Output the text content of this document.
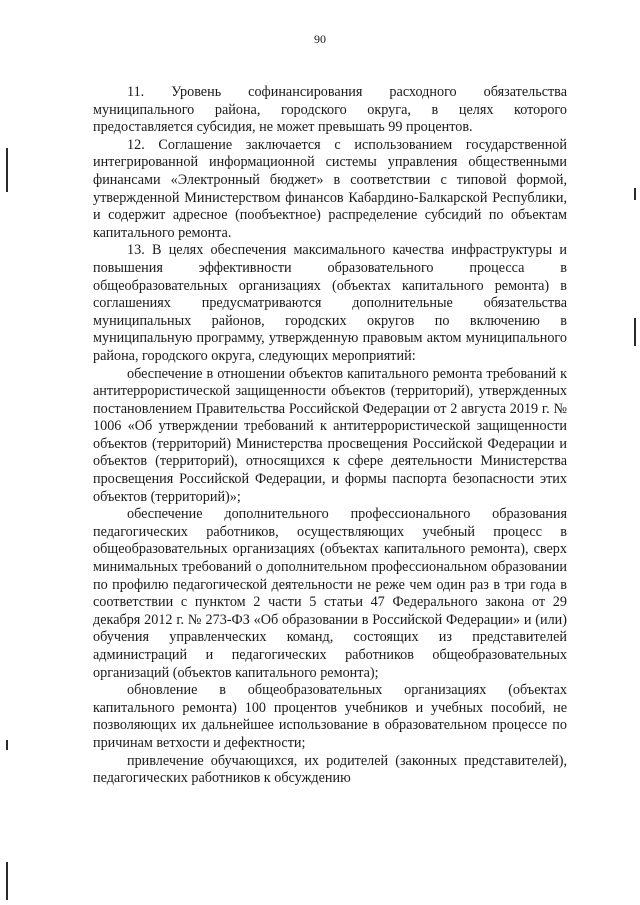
90

11. Уровень софинансирования расходного обязательства муниципального района, городского округа, в целях которого предоставляется субсидия, не может превышать 99 процентов.

12. Соглашение заключается с использованием государственной интегрированной информационной системы управления общественными финансами «Электронный бюджет» в соответствии с типовой формой, утвержденной Министерством финансов Кабардино-Балкарской Республики, и содержит адресное (пообъектное) распределение субсидий по объектам капитального ремонта.

13. В целях обеспечения максимального качества инфраструктуры и повышения эффективности образовательного процесса в общеобразовательных организациях (объектах капитального ремонта) в соглашениях предусматриваются дополнительные обязательства муниципальных районов, городских округов по включению в муниципальную программу, утвержденную правовым актом муниципального района, городского округа, следующих мероприятий:

обеспечение в отношении объектов капитального ремонта требований к антитеррористической защищенности объектов (территорий), утвержденных постановлением Правительства Российской Федерации от 2 августа 2019 г. № 1006 «Об утверждении требований к антитеррористической защищенности объектов (территорий) Министерства просвещения Российской Федерации и объектов (территорий), относящихся к сфере деятельности Министерства просвещения Российской Федерации, и формы паспорта безопасности этих объектов (территорий)»;

обеспечение дополнительного профессионального образования педагогических работников, осуществляющих учебный процесс в общеобразовательных организациях (объектах капитального ремонта), сверх минимальных требований о дополнительном профессиональном образовании по профилю педагогической деятельности не реже чем один раз в три года в соответствии с пунктом 2 части 5 статьи 47 Федерального закона от 29 декабря 2012 г. № 273-ФЗ «Об образовании в Российской Федерации» и (или) обучения управленческих команд, состоящих из представителей администраций и педагогических работников общеобразовательных организаций (объектов капитального ремонта);

обновление в общеобразовательных организациях (объектах капитального ремонта) 100 процентов учебников и учебных пособий, не позволяющих их дальнейшее использование в образовательном процессе по причинам ветхости и дефектности;

привлечение обучающихся, их родителей (законных представителей), педагогических работников к обсуждению
